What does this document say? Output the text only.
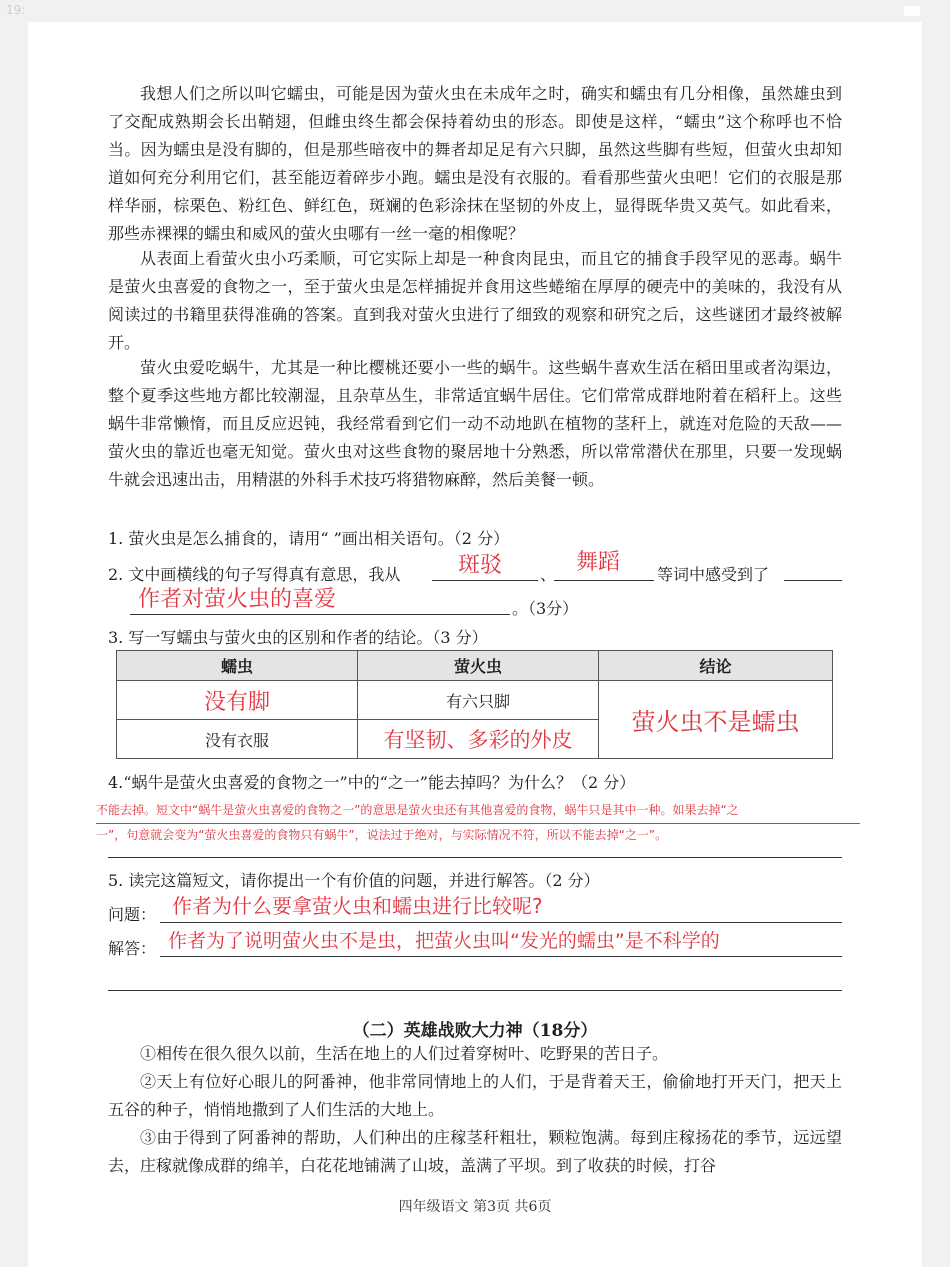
19:

我想人们之所以叫它蠕虫，可能是因为萤火虫在未成年之时，确实和蠕虫有几分相像，虽然雄虫到了交配成熟期会长出鞘翅，但雌虫终生都会保持着幼虫的形态。即使是这样，“蠕虫”这个称呼也不恰当。因为蠕虫是没有脚的，但是那些暗夜中的舞者却足足有六只脚，虽然这些脚有些短，但萤火虫却知道如何充分利用它们，甚至能迈着碎步小跑。蠕虫是没有衣服的。看看那些萤火虫吧！它们的衣服是那样华丽，棕栗色、粉红色、鲜红色，斑斓的色彩涂抹在坚韧的外皮上，显得既华贵又英气。如此看来，那些赤裸裸的蠕虫和威风的萤火虫哪有一丝一毫的相像呢？

从表面上看萤火虫小巧柔顺，可它实际上却是一种食肉昆虫，而且它的捕食手段罕见的恶毒。蜗牛是萤火虫喜爱的食物之一，至于萤火虫是怎样捕捉并食用这些蜷缩在厚厚的硬壳中的美味的，我没有从阅读过的书籍里获得准确的答案。直到我对萤火虫进行了细致的观察和研究之后，这些谜团才最终被解开。

萤火虫爱吃蜗牛，尤其是一种比樱桃还要小一些的蜗牛。这些蜗牛喜欢生活在稻田里或者沟渠边，整个夏季这些地方都比较潮湿，且杂草丛生，非常适宜蜗牛居住。它们常常成群地附着在稻秆上。这些蜗牛非常懒惰，而且反应迟钝，我经常看到它们一动不动地趴在植物的茎秆上，就连对危险的天敌——萤火虫的靠近也毫无知觉。萤火虫对这些食物的聚居地十分熟悉，所以常常潜伏在那里，只要一发现蜗牛就会迅速出击，用精湛的外科手术技巧将猎物麻醉，然后美餐一顿。

1. 萤火虫是怎么捕食的，请用“ ”画出相关语句。（2 分）
2. 文中画横线的句子写得真有意思，我从	斑驳 、 舞蹈 等词中感受到了
作者对萤火虫的喜爱	。（3分）
3. 写一写蠕虫与萤火虫的区别和作者的结论。（3 分）
蠕虫	萤火虫	结论
没有脚	有六只脚	萤火虫不是蠕虫
没有衣服	有坚韧、多彩的外皮	
4.“蜗牛是萤火虫喜爱的食物之一”中的“之一”能去掉吗？为什么？（2 分）
不能去掉。短文中“蜗牛是萤火虫喜爱的食物之一”的意思是萤火虫还有其他喜爱的食物，蜗牛只是其中一种。如果去掉“之
一”，句意就会变为“萤火虫喜爱的食物只有蜗牛”，说法过于绝对，与实际情况不符，所以不能去掉“之一”。
5. 读完这篇短文，请你提出一个有价值的问题，并进行解答。（2 分）
问题： 作者为什么要拿萤火虫和蠕虫进行比较呢?
解答： 作者为了说明萤火虫不是虫，把萤火虫叫“发光的蠕虫”是不科学的
（二）英雄战败大力神（18分）

①相传在很久很久以前，生活在地上的人们过着穿树叶、吃野果的苦日子。

②天上有位好心眼儿的阿番神，他非常同情地上的人们，于是背着天王，偷偷地打开天门，把天上五谷的种子，悄悄地撒到了人们生活的大地上。

③由于得到了阿番神的帮助，人们种出的庄稼茎秆粗壮，颗粒饱满。每到庄稼扬花的季节，远远望去，庄稼就像成群的绵羊，白花花地铺满了山坡，盖满了平坝。到了收获的时候，打谷

四年级语文 第3页 共6页
